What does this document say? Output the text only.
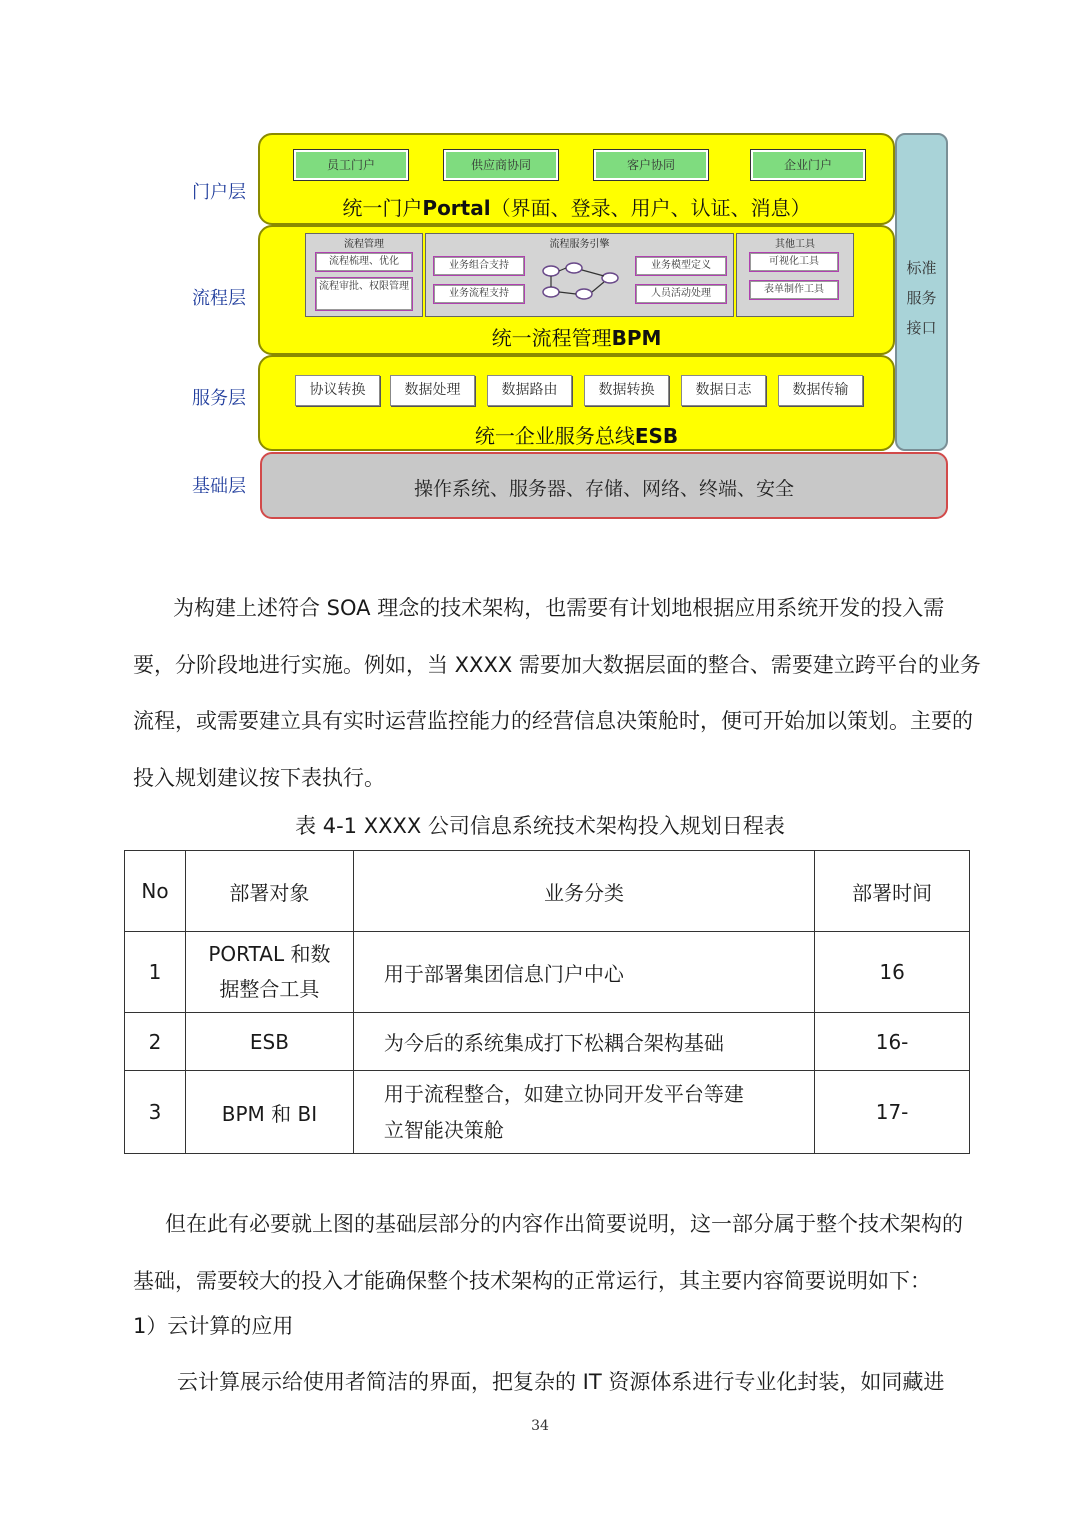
门户层
流程层
服务层
基础层
统一门户Portal（界面、登录、用户、认证、消息）
员工门户	供应商协同	客户协同	企业门户
统一流程管理BPM
流程管理
流程梳理、优化
流程审批、权限管理
流程服务引擎
业务组合支持
业务流程支持
业务模型定义
人员活动处理
其他工具
可视化工具
表单制作工具
统一企业服务总线ESB
协议转换	数据处理	数据路由	数据转换	数据日志	数据传输
标准
服务
接口
操作系统、服务器、存储、网络、终端、安全
为构建上述符合 SOA 理念的技术架构，也需要有计划地根据应用系统开发的投入需要，分阶段地进行实施。例如，当 XXXX 需要加大数据层面的整合、需要建立跨平台的业务流程，或需要建立具有实时运营监控能力的经营信息决策舱时，便可开始加以策划。主要的投入规划建议按下表执行。
表 4-1 XXXX 公司信息系统技术架构投入规划日程表
No	部署对象	业务分类	部署时间
1	PORTAL 和数据整合工具	用于部署集团信息门户中心	16
2	ESB	为今后的系统集成打下松耦合架构基础	16-
3	BPM 和 BI	用于流程整合，如建立协同开发平台等建立智能决策舱	17-
但在此有必要就上图的基础层部分的内容作出简要说明，这一部分属于整个技术架构的基础，需要较大的投入才能确保整个技术架构的正常运行，其主要内容简要说明如下：
1）云计算的应用
云计算展示给使用者简洁的界面，把复杂的 IT 资源体系进行专业化封装，如同藏进
34
